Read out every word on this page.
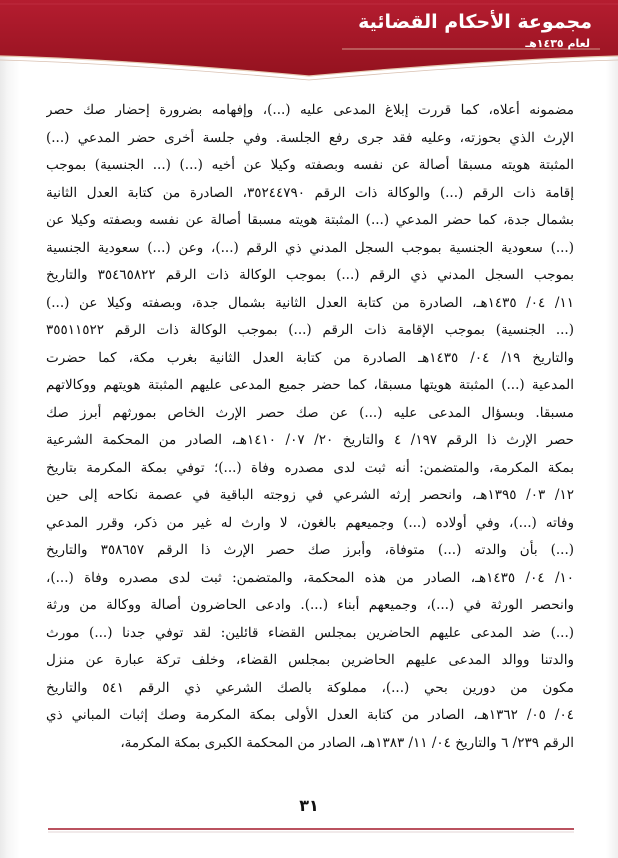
مجموعة الأحكام القضائية
لعام ١٤٣٥هـ
مضمونه أعلاه، كما قررت إبلاغ المدعى عليه (...)، وإفهامه بضرورة إحضار صك حصر
الإرث الذي بحوزته، وعليه فقد جرى رفع الجلسة. وفي جلسة أخرى حضر المدعي (...)
المثبتة هويته مسبقا أصالة عن نفسه وبصفته وكيلا عن أخيه (...) (... الجنسية) بموجب
إقامة ذات الرقم (...) والوكالة ذات الرقم ٣٥٢٤٤٧٩٠، الصادرة من كتابة العدل الثانية
بشمال جدة، كما حضر المدعي (...) المثبتة هويته مسبقا أصالة عن نفسه وبصفته وكيلا عن
(...) سعودية الجنسية بموجب السجل المدني ذي الرقم (...)، وعن (...) سعودية الجنسية
بموجب السجل المدني ذي الرقم (...) بموجب الوكالة ذات الرقم ٣٥٤٦٥٨٢٢ والتاريخ
١١/ ٠٤/ ١٤٣٥هـ، الصادرة من كتابة العدل الثانية بشمال جدة، وبصفته وكيلا عن (...)
(... الجنسية) بموجب الإقامة ذات الرقم (...) بموجب الوكالة ذات الرقم ٣٥٥١١٥٢٢
والتاريخ ١٩/ ٠٤/ ١٤٣٥هـ الصادرة من كتابة العدل الثانية بغرب مكة، كما حضرت
المدعية (...) المثبتة هويتها مسبقا، كما حضر جميع المدعى عليهم المثبتة هويتهم ووكالاتهم
مسبقا. وبسؤال المدعى عليه (...) عن صك حصر الإرث الخاص بمورثهم أبرز صك
حصر الإرث ذا الرقم ١٩٧/ ٤ والتاريخ ٢٠/ ٠٧/ ١٤١٠هـ، الصادر من المحكمة الشرعية
بمكة المكرمة، والمتضمن: أنه ثبت لدى مصدره وفاة (...)؛ توفي بمكة المكرمة بتاريخ
١٢/ ٠٣/ ١٣٩٥هـ، وانحصر إرثه الشرعي في زوجته الباقية في عصمة نكاحه إلى حين
وفاته (...)، وفي أولاده (...) وجميعهم بالغون، لا وارث له غير من ذكر، وقرر المدعي
(...) بأن والدته (...) متوفاة، وأبرز صك حصر الإرث ذا الرقم ٣٥٨٦٥٧ والتاريخ
١٠/ ٠٤/ ١٤٣٥هـ، الصادر من هذه المحكمة، والمتضمن: ثبت لدى مصدره وفاة (...)،
وانحصر الورثة في (...)، وجميعهم أبناء (...). وادعى الحاضرون أصالة ووكالة من ورثة
(...) ضد المدعى عليهم الحاضرين بمجلس القضاء قائلين: لقد توفي جدنا (...) مورث
والدتنا ووالد المدعى عليهم الحاضرين بمجلس القضاء، وخلف تركة عبارة عن منزل
مكون من دورين بحي (...)، مملوكة بالصك الشرعي ذي الرقم ٥٤١ والتاريخ
٠٤/ ٠٥/ ١٣٦٢هـ، الصادر من كتابة العدل الأولى بمكة المكرمة وصك إثبات المباني ذي
الرقم ٢٣٩/ ٦ والتاريخ ٠٤/ ١١/ ١٣٨٣هـ، الصادر من المحكمة الكبرى بمكة المكرمة،
٣١
